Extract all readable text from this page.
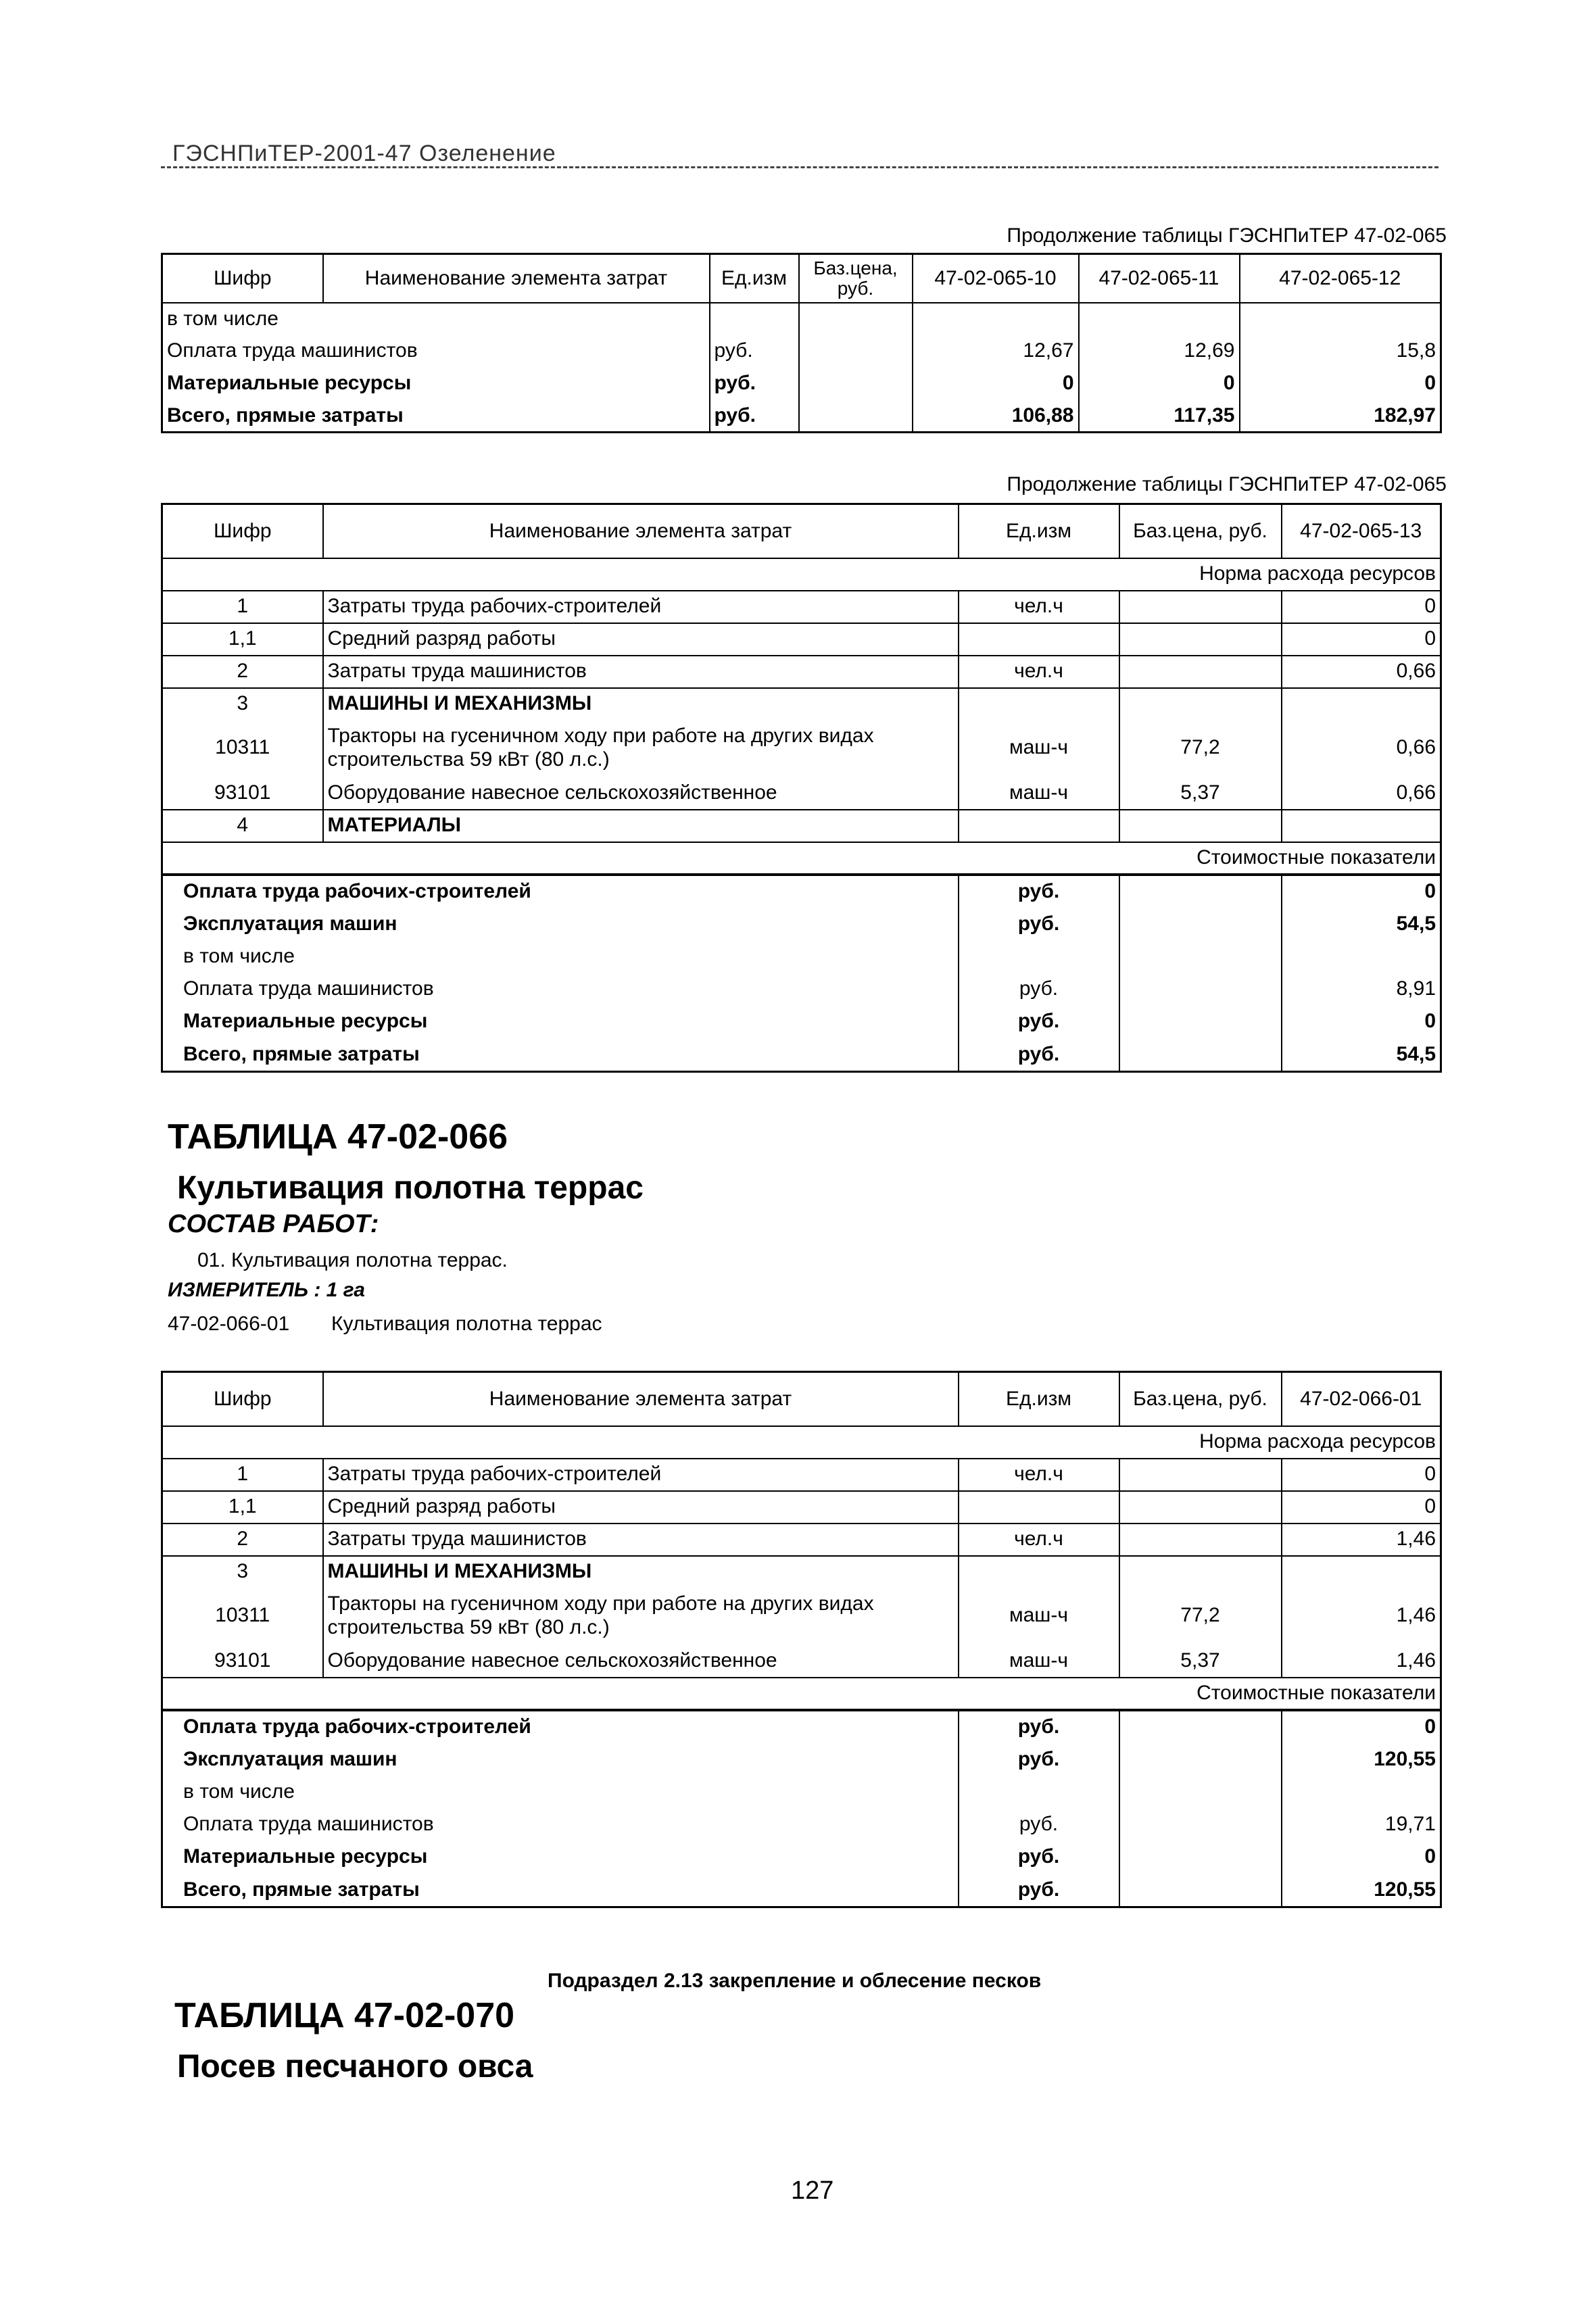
ГЭСНПиТЕР-2001-47 Озеленение
Продолжение таблицы ГЭСНПиТЕР 47-02-065
Шифр	Наименование элемента затрат	Ед.изм	Баз.цена, руб.	47-02-065-10	47-02-065-11	47-02-065-12
в том числе						
Оплата труда машинистов		руб.		12,67	12,69	15,8
Материальные ресурсы		руб.		0	0	0
Всего, прямые затраты		руб.		106,88	117,35	182,97
Продолжение таблицы ГЭСНПиТЕР 47-02-065
Шифр	Наименование элемента затрат	Ед.изм	Баз.цена, руб.	47-02-065-13
Норма расхода ресурсов				
1	Затраты труда рабочих-строителей	чел.ч		0
1,1	Средний разряд работы			0
2	Затраты труда машинистов	чел.ч		0,66
3	МАШИНЫ И МЕХАНИЗМЫ			
10311	Тракторы на гусеничном ходу при работе на других видах строительства 59 кВт (80 л.с.)	маш-ч	77,2	0,66
93101	Оборудование навесное сельскохозяйственное	маш-ч	5,37	0,66
4	МАТЕРИАЛЫ			
Стоимостные показатели				
Оплата труда рабочих-строителей		руб.		0
Эксплуатация машин		руб.		54,5
в том числе				
Оплата труда машинистов		руб.		8,91
Материальные ресурсы		руб.		0
Всего, прямые затраты		руб.		54,5
ТАБЛИЦА 47-02-066
Культивация полотна террас
СОСТАВ РАБОТ:
01. Культивация полотна террас.
ИЗМЕРИТЕЛЬ : 1 га
47-02-066-01 Культивация полотна террас
Шифр	Наименование элемента затрат	Ед.изм	Баз.цена, руб.	47-02-066-01
Норма расхода ресурсов				
1	Затраты труда рабочих-строителей	чел.ч		0
1,1	Средний разряд работы			0
2	Затраты труда машинистов	чел.ч		1,46
3	МАШИНЫ И МЕХАНИЗМЫ			
10311	Тракторы на гусеничном ходу при работе на других видах строительства 59 кВт (80 л.с.)	маш-ч	77,2	1,46
93101	Оборудование навесное сельскохозяйственное	маш-ч	5,37	1,46
Стоимостные показатели				
Оплата труда рабочих-строителей		руб.		0
Эксплуатация машин		руб.		120,55
в том числе				
Оплата труда машинистов		руб.		19,71
Материальные ресурсы		руб.		0
Всего, прямые затраты		руб.		120,55
Подраздел 2.13 закрепление и облесение песков
ТАБЛИЦА 47-02-070
Посев песчаного овса
127
